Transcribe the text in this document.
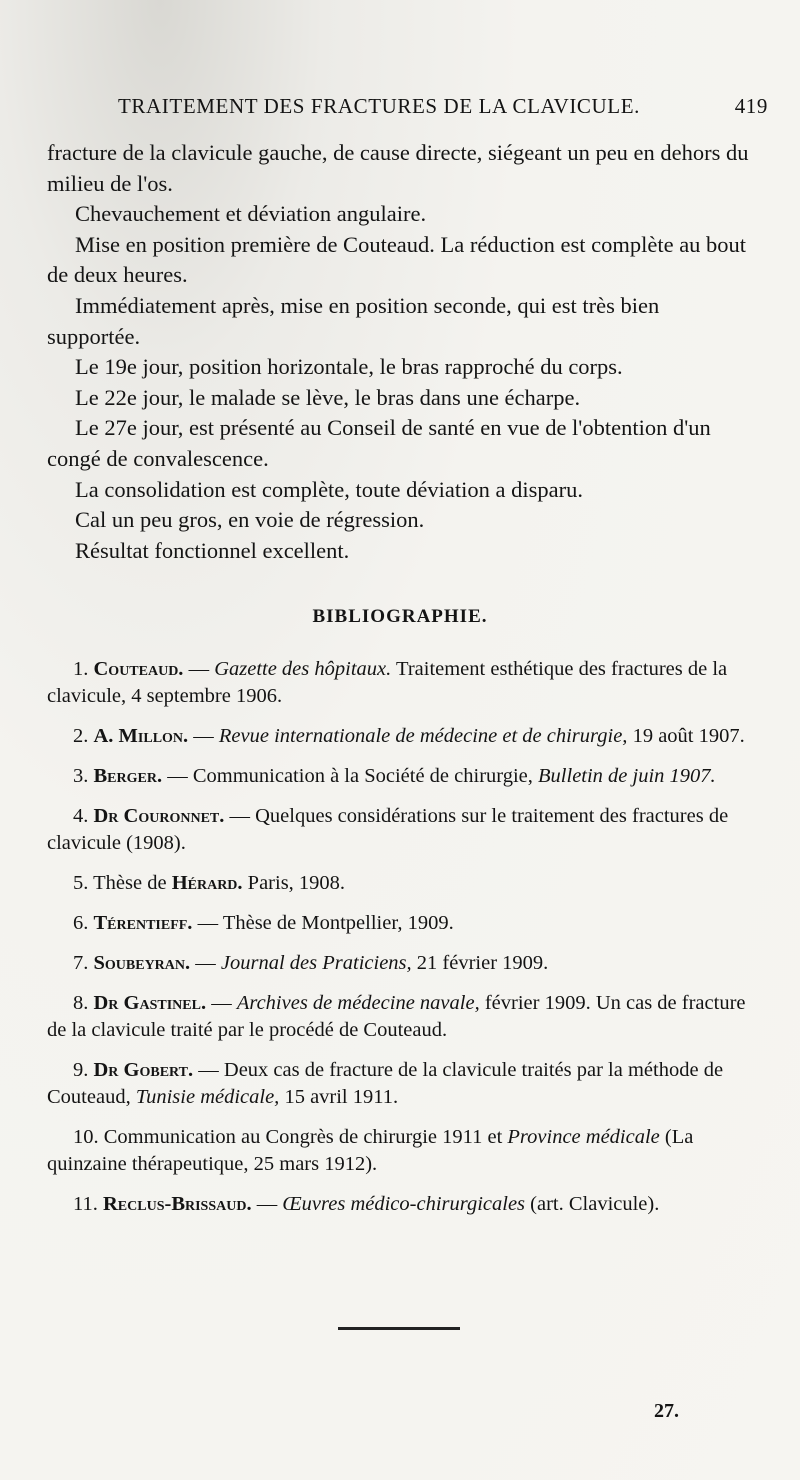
TRAITEMENT DES FRACTURES DE LA CLAVICULE.	419

fracture de la clavicule gauche, de cause directe, siégeant un peu en dehors du milieu de l'os.

Chevauchement et déviation angulaire.

Mise en position première de Couteaud. La réduction est complète au bout de deux heures.

Immédiatement après, mise en position seconde, qui est très bien supportée.

Le 19e jour, position horizontale, le bras rapproché du corps.

Le 22e jour, le malade se lève, le bras dans une écharpe.

Le 27e jour, est présenté au Conseil de santé en vue de l'obtention d'un congé de convalescence.

La consolidation est complète, toute déviation a disparu.

Cal un peu gros, en voie de régression.

Résultat fonctionnel excellent.

BIBLIOGRAPHIE.

1. Couteaud. — Gazette des hôpitaux. Traitement esthétique des fractures de la clavicule, 4 septembre 1906.

2. A. Millon. — Revue internationale de médecine et de chirurgie, 19 août 1907.

3. Berger. — Communication à la Société de chirurgie, Bulletin de juin 1907.

4. Dr Couronnet. — Quelques considérations sur le traitement des fractures de clavicule (1908).

5. Thèse de Hérard. Paris, 1908.

6. Térentieff. — Thèse de Montpellier, 1909.

7. Soubeyran. — Journal des Praticiens, 21 février 1909.

8. Dr Gastinel. — Archives de médecine navale, février 1909. Un cas de fracture de la clavicule traité par le procédé de Couteaud.

9. Dr Gobert. — Deux cas de fracture de la clavicule traités par la méthode de Couteaud, Tunisie médicale, 15 avril 1911.

10. Communication au Congrès de chirurgie 1911 et Province médicale (La quinzaine thérapeutique, 25 mars 1912).

11. Reclus-Brissaud. — Œuvres médico-chirurgicales (art. Clavicule).

27.
